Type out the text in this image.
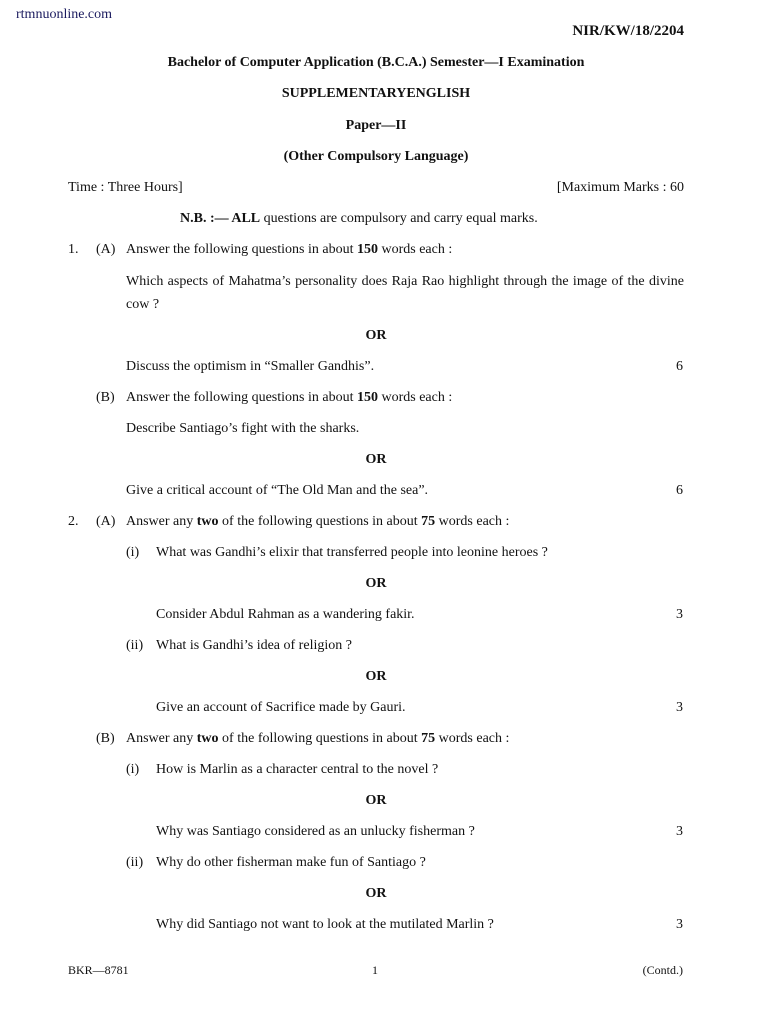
rtmnuonline.com
NIR/KW/18/2204
Bachelor of Computer Application (B.C.A.) Semester—I Examination
SUPPLEMENTARYENGLISH
Paper—II
(Other Compulsory Language)
Time : Three Hours]	[Maximum Marks : 60
N.B. :— ALL questions are compulsory and carry equal marks.
1. (A) Answer the following questions in about 150 words each :
Which aspects of Mahatma’s personality does Raja Rao highlight through the image of the divine cow ?
OR
Discuss the optimism in “Smaller Gandhis”.	6
(B) Answer the following questions in about 150 words each :
Describe Santiago’s fight with the sharks.
OR
Give a critical account of “The Old Man and the sea”.	6
2. (A) Answer any two of the following questions in about 75 words each :
(i) What was Gandhi’s elixir that transferred people into leonine heroes ?
OR
Consider Abdul Rahman as a wandering fakir.	3
(ii) What is Gandhi’s idea of religion ?
OR
Give an account of Sacrifice made by Gauri.	3
(B) Answer any two of the following questions in about 75 words each :
(i) How is Marlin as a character central to the novel ?
OR
Why was Santiago considered as an unlucky fisherman ?	3
(ii) Why do other fisherman make fun of Santiago ?
OR
Why did Santiago not want to look at the mutilated Marlin ?	3
BKR—8781	1	(Contd.)
